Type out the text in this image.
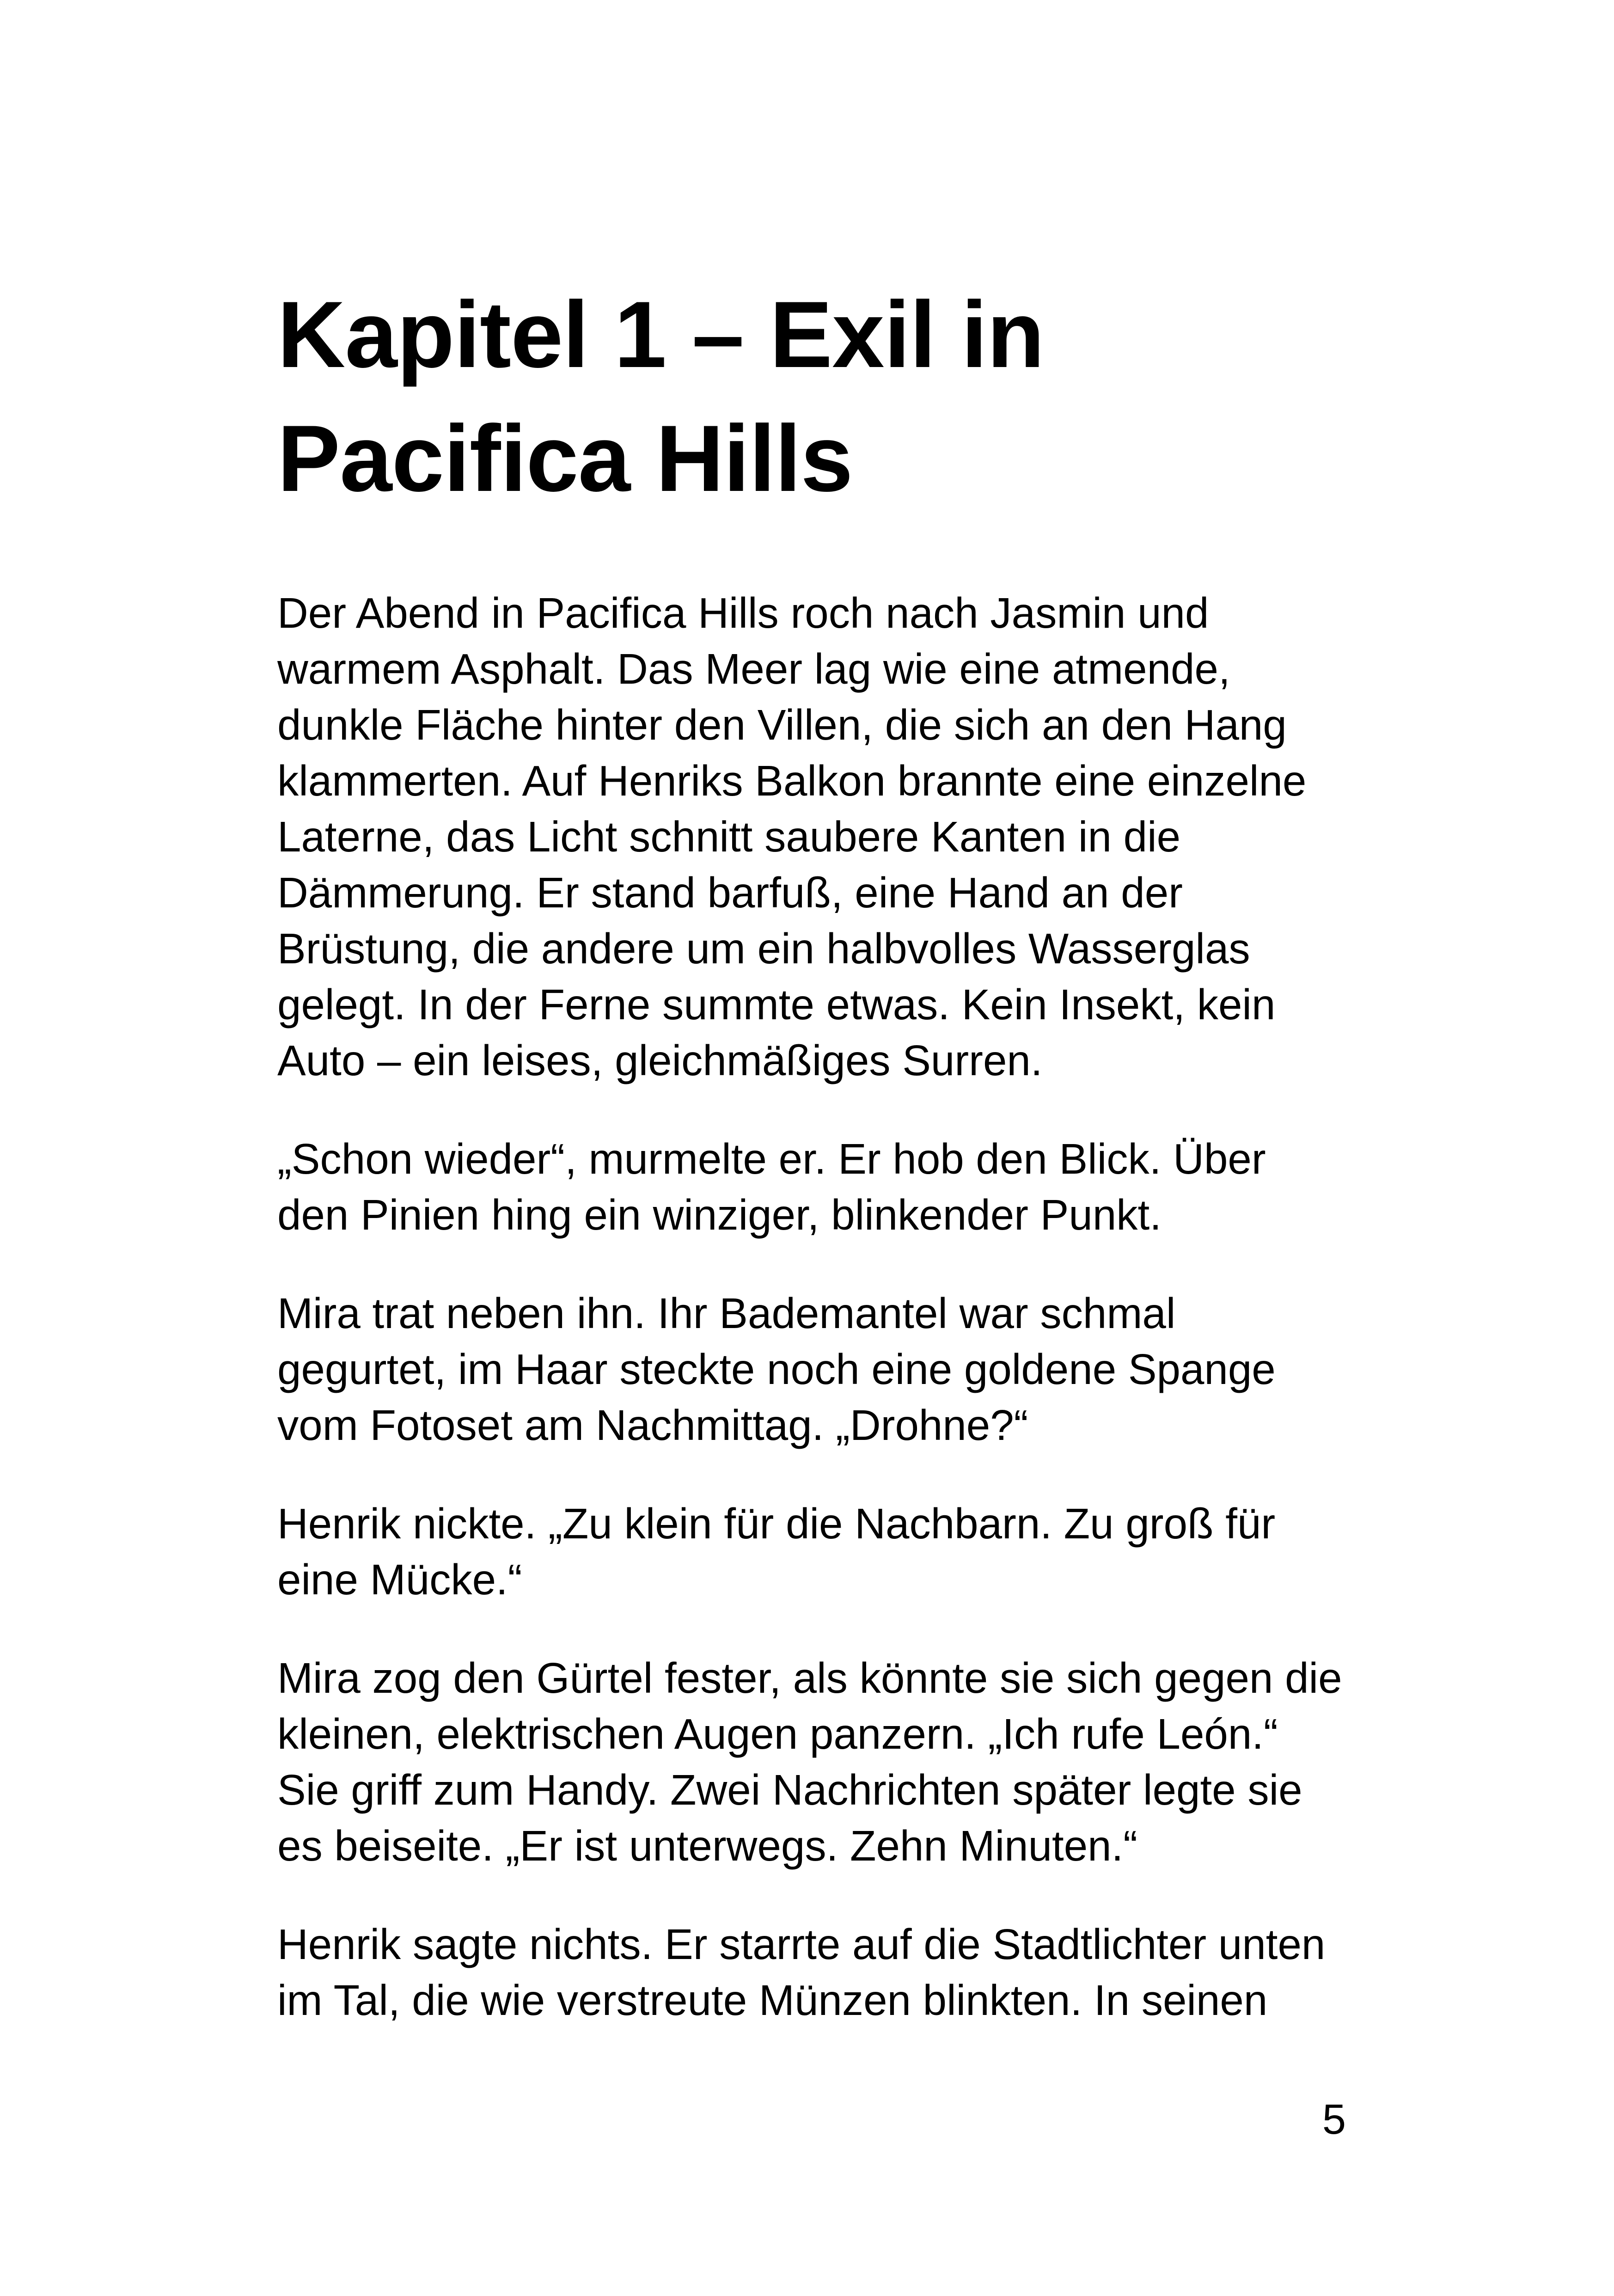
Kapitel 1 – Exil in
Pacifica Hills

Der Abend in Pacifica Hills roch nach Jasmin und
warmem Asphalt. Das Meer lag wie eine atmende,
dunkle Fläche hinter den Villen, die sich an den Hang
klammerten. Auf Henriks Balkon brannte eine einzelne
Laterne, das Licht schnitt saubere Kanten in die
Dämmerung. Er stand barfuß, eine Hand an der
Brüstung, die andere um ein halbvolles Wasserglas
gelegt. In der Ferne summte etwas. Kein Insekt, kein
Auto – ein leises, gleichmäßiges Surren.

„Schon wieder“, murmelte er. Er hob den Blick. Über
den Pinien hing ein winziger, blinkender Punkt.

Mira trat neben ihn. Ihr Bademantel war schmal
gegurtet, im Haar steckte noch eine goldene Spange
vom Fotoset am Nachmittag. „Drohne?“

Henrik nickte. „Zu klein für die Nachbarn. Zu groß für
eine Mücke.“

Mira zog den Gürtel fester, als könnte sie sich gegen die
kleinen, elektrischen Augen panzern. „Ich rufe León.“
Sie griff zum Handy. Zwei Nachrichten später legte sie
es beiseite. „Er ist unterwegs. Zehn Minuten.“

Henrik sagte nichts. Er starrte auf die Stadtlichter unten
im Tal, die wie verstreute Münzen blinkten. In seinen

5
